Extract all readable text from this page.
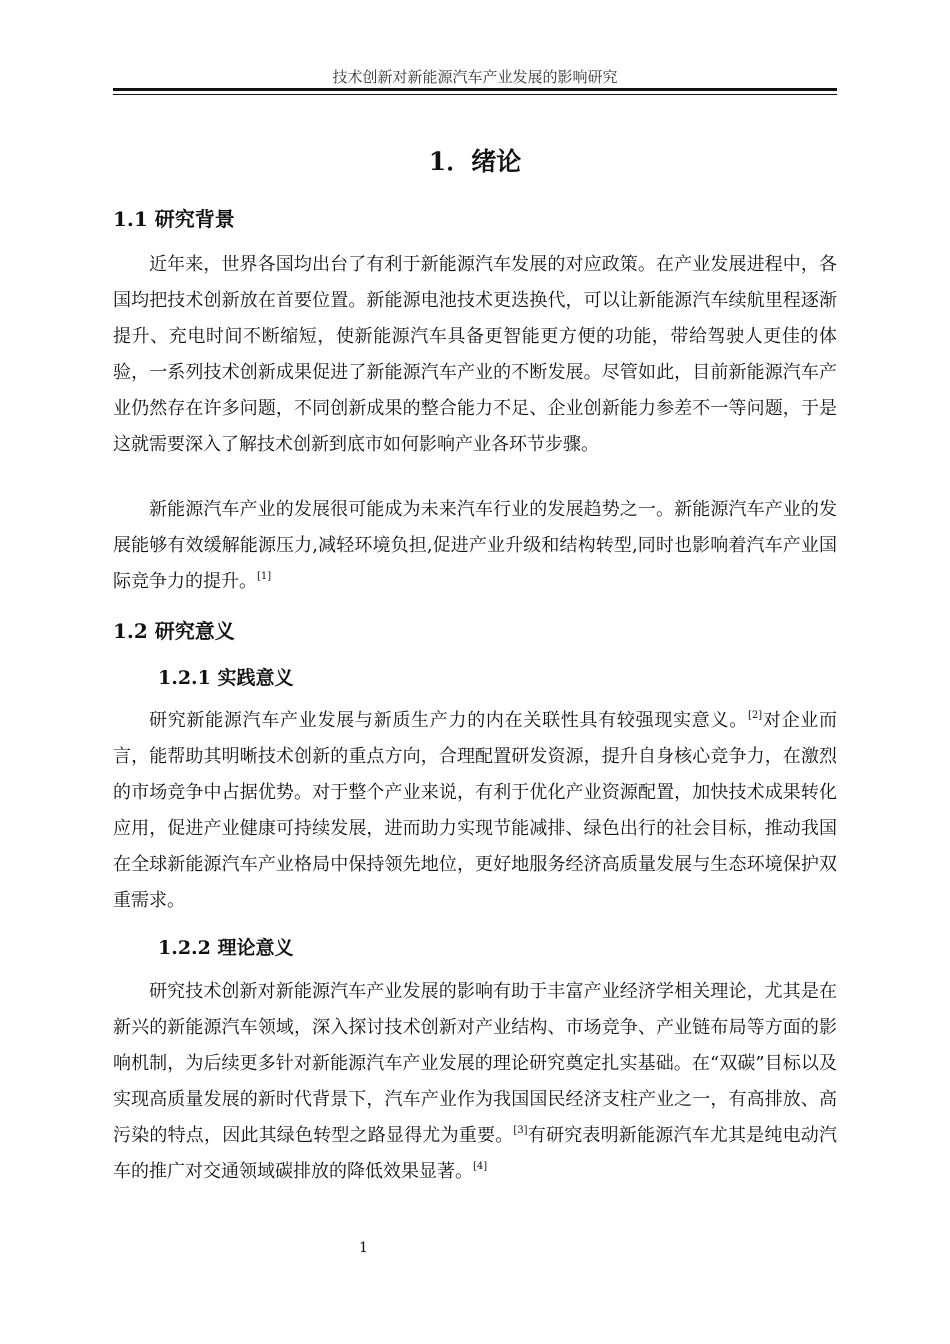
技术创新对新能源汽车产业发展的影响研究
1．绪论
1.1 研究背景

近年来，世界各国均出台了有利于新能源汽车发展的对应政策。在产业发展进程中，各国均把技术创新放在首要位置。新能源电池技术更迭换代，可以让新能源汽车续航里程逐渐提升、充电时间不断缩短，使新能源汽车具备更智能更方便的功能，带给驾驶人更佳的体验，一系列技术创新成果促进了新能源汽车产业的不断发展。尽管如此，目前新能源汽车产业仍然存在许多问题，不同创新成果的整合能力不足、企业创新能力参差不一等问题，于是这就需要深入了解技术创新到底市如何影响产业各环节步骤。

新能源汽车产业的发展很可能成为未来汽车行业的发展趋势之一。新能源汽车产业的发展能够有效缓解能源压力,减轻环境负担,促进产业升级和结构转型,同时也影响着汽车产业国际竞争力的提升。[1]

1.2 研究意义
1.2.1 实践意义

研究新能源汽车产业发展与新质生产力的内在关联性具有较强现实意义。[2]对企业而言，能帮助其明晰技术创新的重点方向，合理配置研发资源，提升自身核心竞争力，在激烈的市场竞争中占据优势。对于整个产业来说，有利于优化产业资源配置，加快技术成果转化应用，促进产业健康可持续发展，进而助力实现节能减排、绿色出行的社会目标，推动我国在全球新能源汽车产业格局中保持领先地位，更好地服务经济高质量发展与生态环境保护双重需求。

1.2.2 理论意义

研究技术创新对新能源汽车产业发展的影响有助于丰富产业经济学相关理论，尤其是在新兴的新能源汽车领域，深入探讨技术创新对产业结构、市场竞争、产业链布局等方面的影响机制，为后续更多针对新能源汽车产业发展的理论研究奠定扎实基础。在“双碳”目标以及实现高质量发展的新时代背景下，汽车产业作为我国国民经济支柱产业之一，有高排放、高污染的特点，因此其绿色转型之路显得尤为重要。[3]有研究表明新能源汽车尤其是纯电动汽车的推广对交通领域碳排放的降低效果显著。[4]

1
